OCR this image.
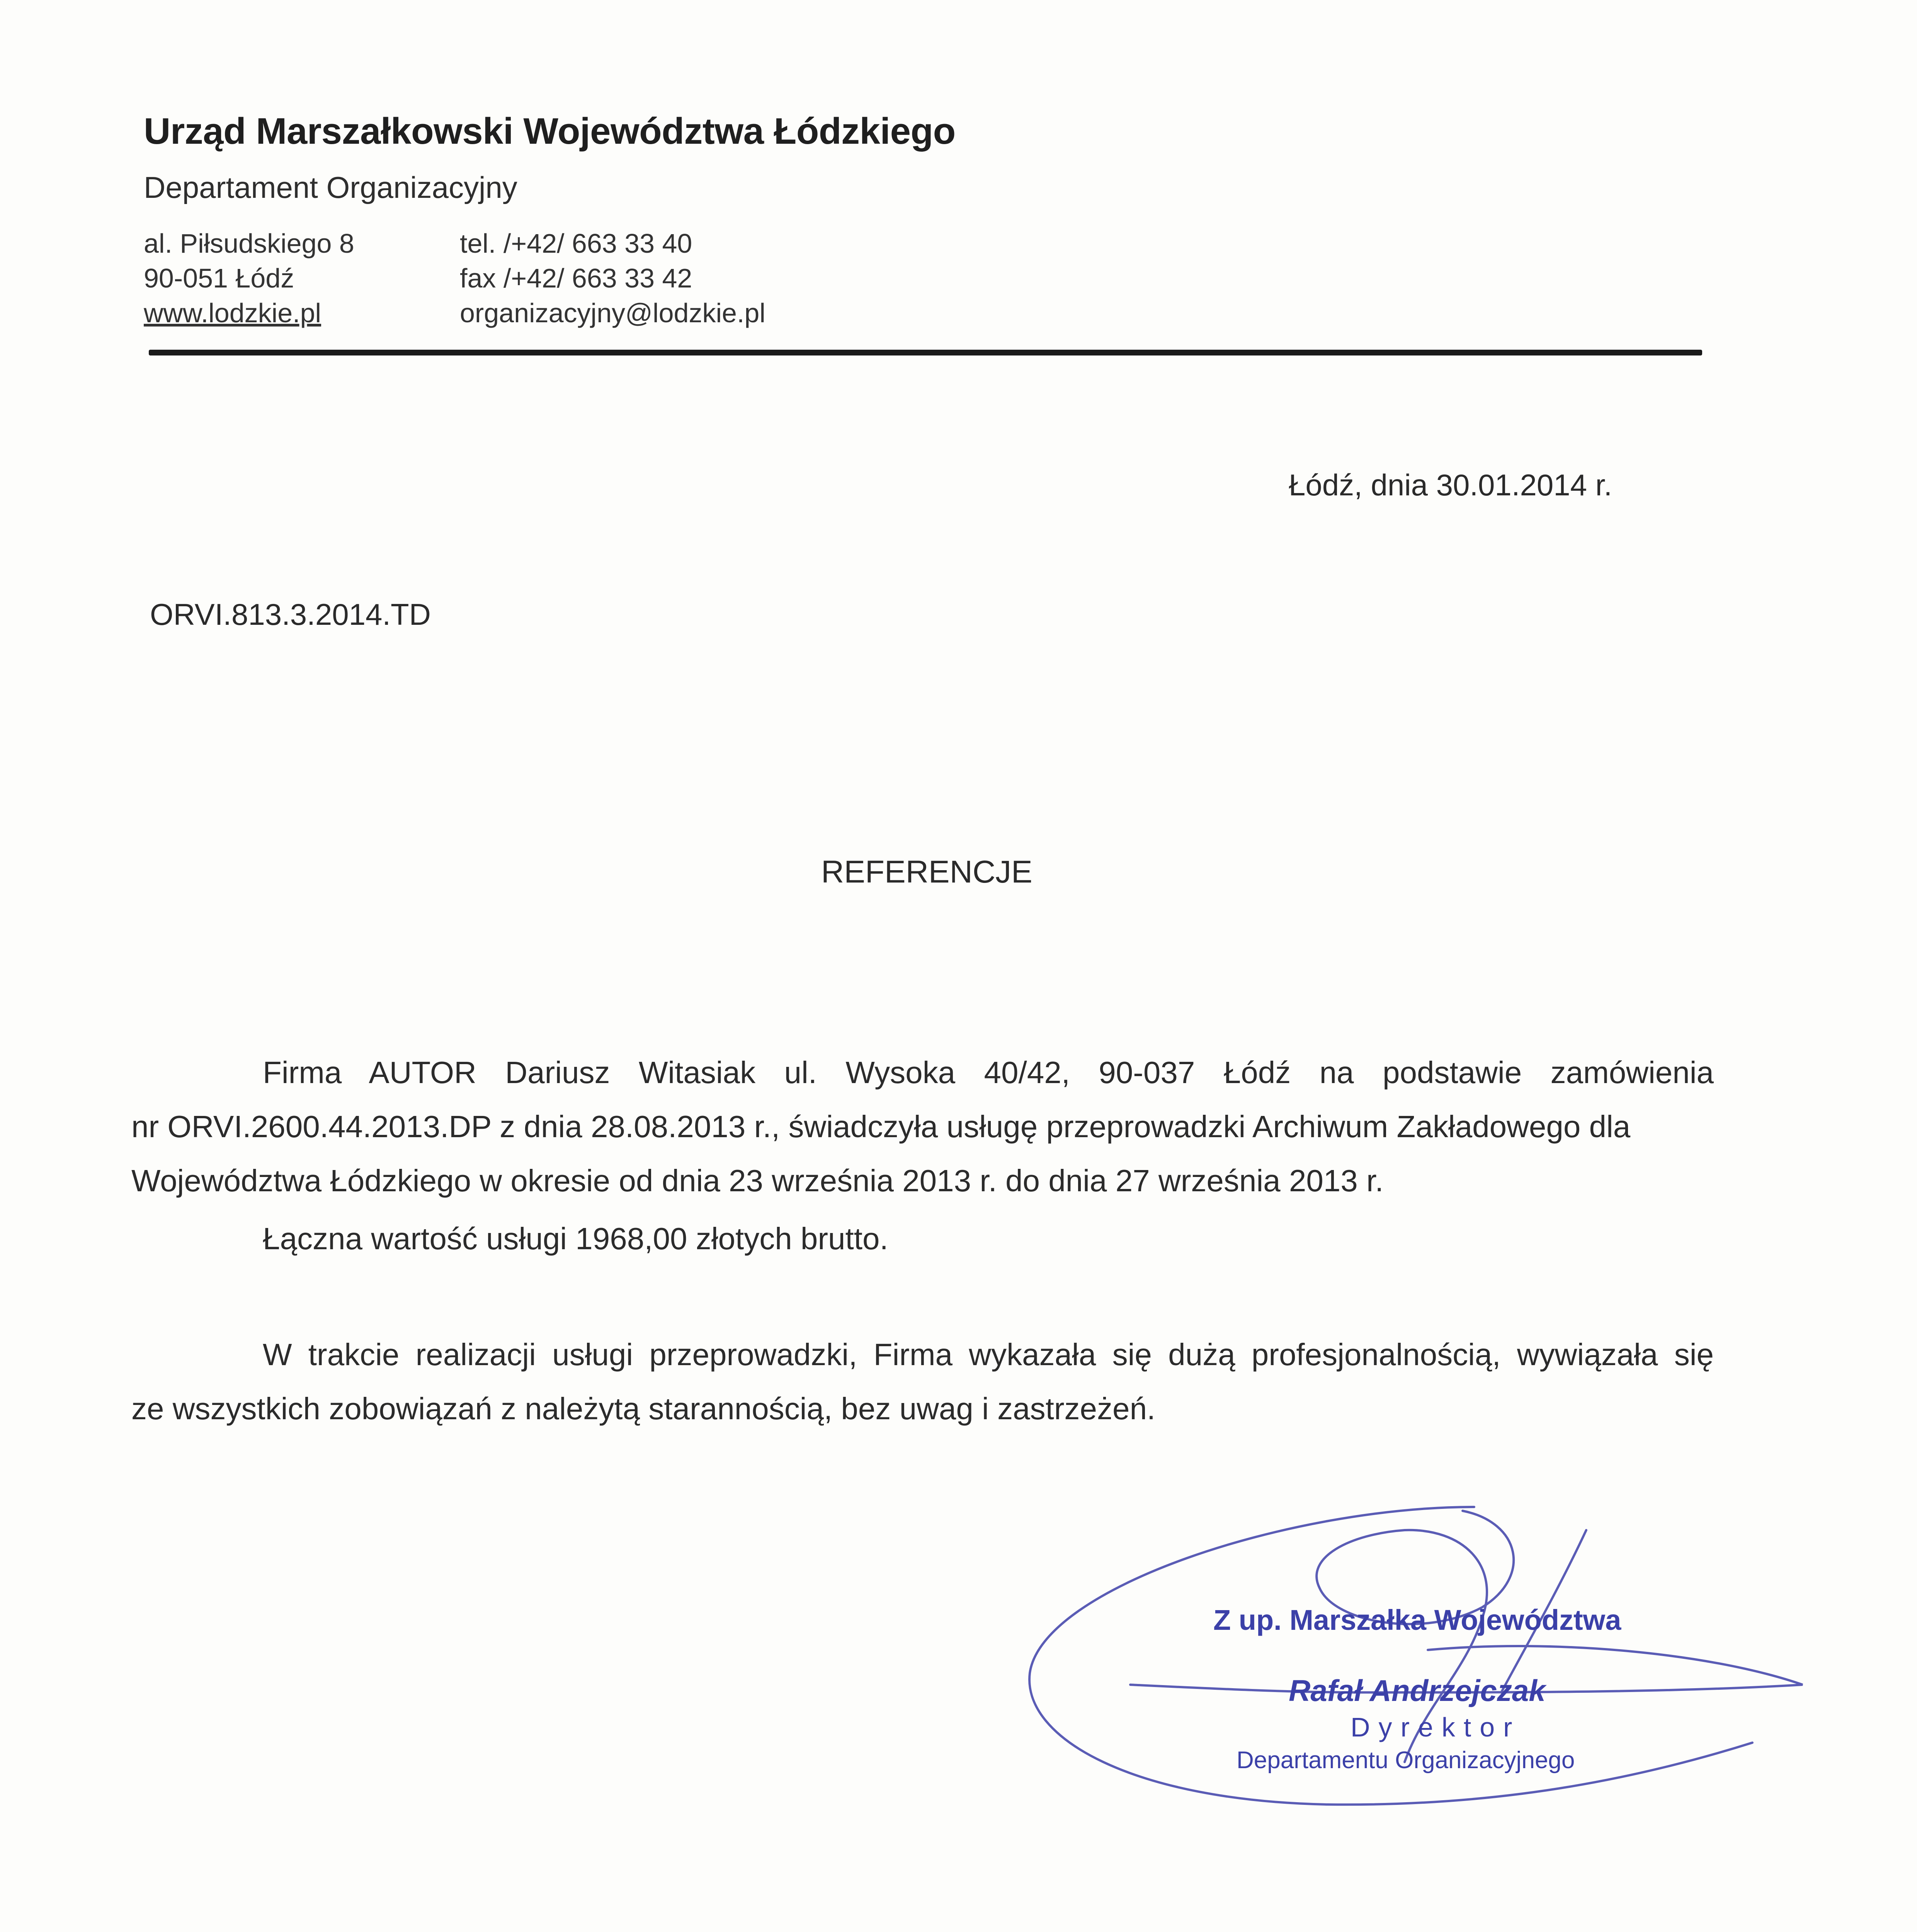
Urząd Marszałkowski Województwa Łódzkiego
Departament Organizacyjny
al. Piłsudskiego 8
90-051 Łódź
www.lodzkie.pl
tel. /+42/ 663 33 40
fax /+42/ 663 33 42
organizacyjny@lodzkie.pl
Łódź, dnia 30.01.2014 r.
ORVI.813.3.2014.TD
REFERENCJE
Firma AUTOR Dariusz Witasiak ul. Wysoka 40/42, 90-037 Łódź na podstawie zamówienia
nr ORVI.2600.44.2013.DP z dnia 28.08.2013 r., świadczyła usługę przeprowadzki Archiwum Zakładowego dla
Województwa Łódzkiego w okresie od dnia 23 września 2013 r. do dnia 27 września 2013 r.
Łączna wartość usługi 1968,00 złotych brutto.
W trakcie realizacji usługi przeprowadzki, Firma wykazała się dużą profesjonalnością, wywiązała się
ze wszystkich zobowiązań z należytą starannością, bez uwag i zastrzeżeń.
Z up. Marszałka Województwa
Rafał Andrzejczak
Dyrektor
Departamentu Organizacyjnego
